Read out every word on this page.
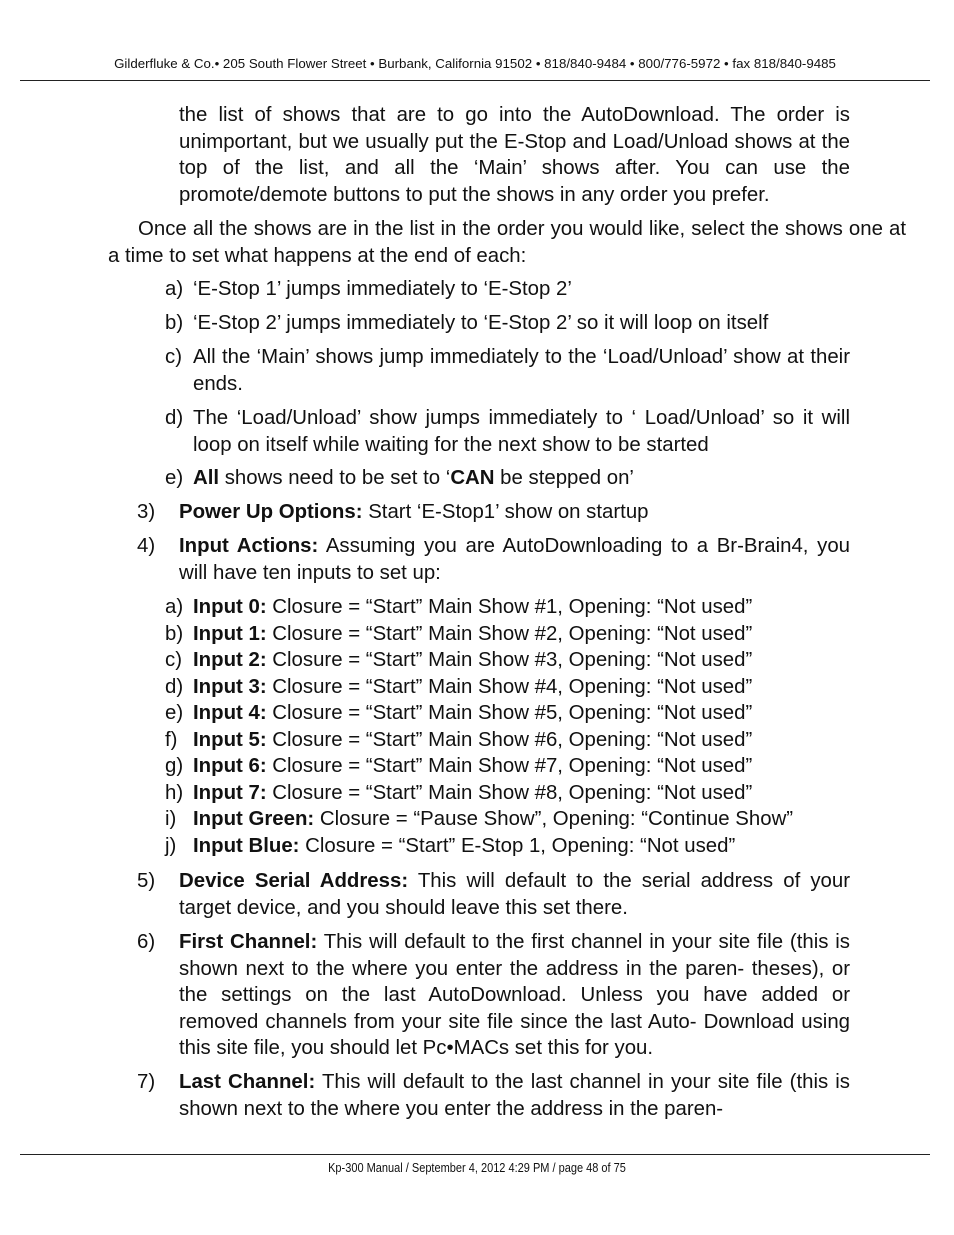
Gilderfluke & Co.• 205 South Flower Street • Burbank, California 91502 • 818/840-9484 • 800/776-5972 • fax 818/840-9485

the list of shows that are to go into the AutoDownload. The order is unimportant, but we usually put the E-Stop and Load/Unload shows at the top of the list, and all the ‘Main’ shows after. You can use the promote/demote buttons to put the shows in any order you prefer.

Once all the shows are in the list in the order you would like, select the shows one at a time to set what happens at the end of each:

a) ‘E-Stop 1’ jumps immediately to ‘E-Stop 2’
b) ‘E-Stop 2’ jumps immediately to ‘E-Stop 2’ so it will loop on itself
c) All the ‘Main’ shows jump immediately to the ‘Load/Unload’ show at their ends.
d) The ‘Load/Unload’ show jumps immediately to ‘ Load/Unload’ so it will loop on itself while waiting for the next show to be started
e) All shows need to be set to ‘CAN be stepped on’
3) Power Up Options: Start ‘E-Stop1’ show on startup
4) Input Actions: Assuming you are AutoDownloading to a Br-Brain4, you will have ten inputs to set up:
a) Input 0: Closure = “Start” Main Show #1, Opening: “Not used”
b) Input 1: Closure = “Start” Main Show #2, Opening: “Not used”
c) Input 2: Closure = “Start” Main Show #3, Opening: “Not used”
d) Input 3: Closure = “Start” Main Show #4, Opening: “Not used”
e) Input 4: Closure = “Start” Main Show #5, Opening: “Not used”
f) Input 5: Closure = “Start” Main Show #6, Opening: “Not used”
g) Input 6: Closure = “Start” Main Show #7, Opening: “Not used”
h) Input 7: Closure = “Start” Main Show #8, Opening: “Not used”
i) Input Green: Closure = “Pause Show”, Opening: “Continue Show”
j) Input Blue: Closure = “Start” E-Stop 1, Opening: “Not used”
5) Device Serial Address: This will default to the serial address of your target device, and you should leave this set there.
6) First Channel: This will default to the first channel in your site file (this is shown next to the where you enter the address in the paren- theses), or the settings on the last AutoDownload. Unless you have added or removed channels from your site file since the last Auto- Download using this site file, you should let Pc•MACs set this for you.
7) Last Channel: This will default to the last channel in your site file (this is shown next to the where you enter the address in the paren-
Kp-300 Manual / September 4, 2012 4:29 PM / page 48 of 75
